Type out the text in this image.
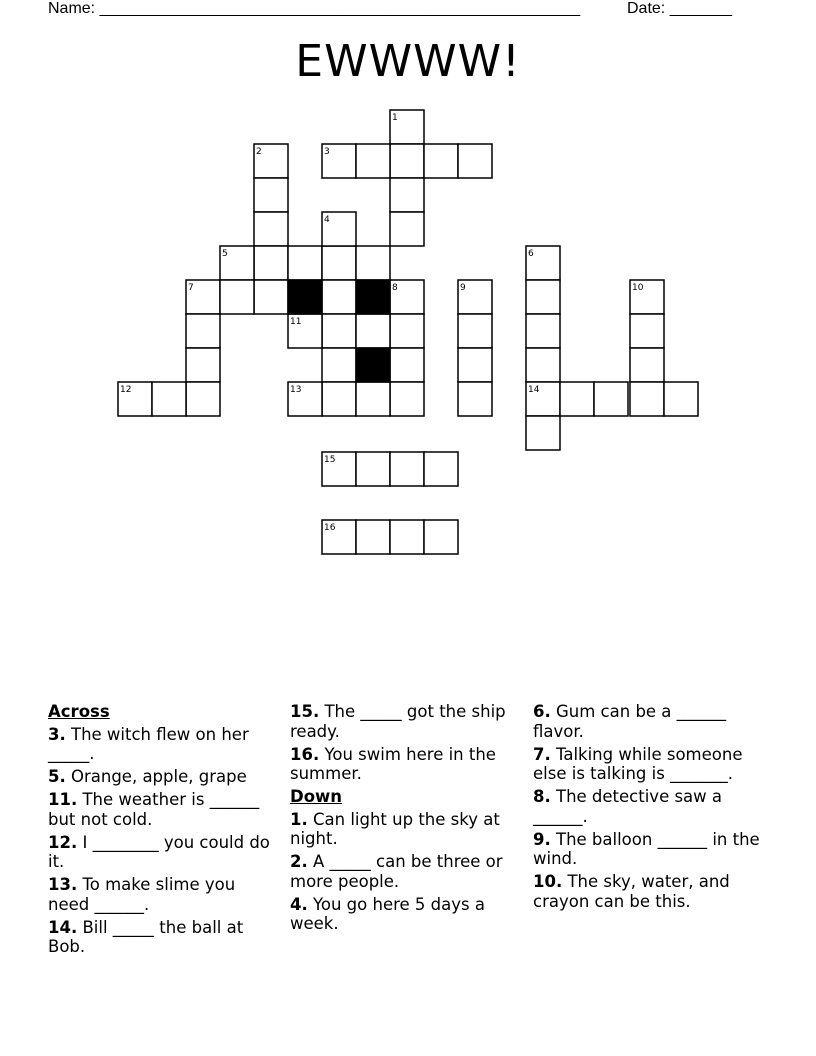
Name: ______________________________________________________	Date: _______
EWWWW!
1
2	3
4
5	6
7	8	9	10
11
12	13	14
15
16
Across
3. The witch flew on her _____.
5. Orange, apple, grape
11. The weather is ______ but not cold.
12. I ________ you could do it.
13. To make slime you need ______.
14. Bill _____ the ball at Bob.
15. The _____ got the ship ready.
16. You swim here in the summer.
Down
1. Can light up the sky at night.
2. A _____ can be three or more people.
4. You go here 5 days a week.
6. Gum can be a ______ flavor.
7. Talking while someone else is talking is _______.
8. The detective saw a ______.
9. The balloon ______ in the wind.
10. The sky, water, and crayon can be this.
